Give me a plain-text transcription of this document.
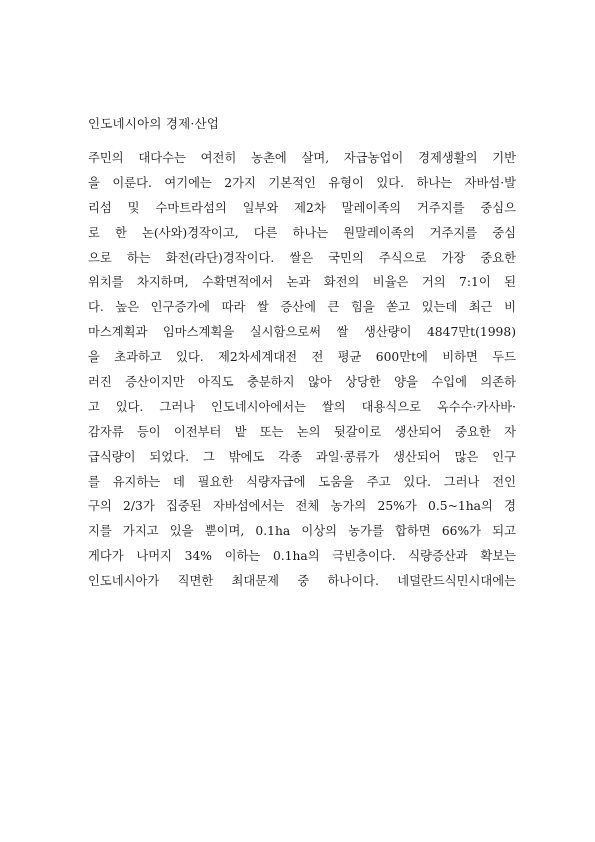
인도네시아의 경제·산업
주민의 대다수는 여전히 농촌에 살며, 자급농업이 경제생활의 기반
을 이룬다. 여기에는 2가지 기본적인 유형이 있다. 하나는 자바섬·발
리섬 및 수마트라섬의 일부와 제2차 말레이족의 거주지를 중심으
로 한 논(사와)경작이고, 다른 하나는 원말레이족의 거주지를 중심
으로 하는 화전(라단)경작이다. 쌀은 국민의 주식으로 가장 중요한
위치를 차지하며, 수확면적에서 논과 화전의 비율은 거의 7:1이 된
다. 높은 인구증가에 따라 쌀 증산에 큰 힘을 쏟고 있는데 최근 비
마스계획과 임마스계획을 실시함으로써 쌀 생산량이 4847만t(1998)
을 초과하고 있다. 제2차세계대전 전 평균 600만t에 비하면 두드
러진 증산이지만 아직도 충분하지 않아 상당한 양을 수입에 의존하
고 있다. 그러나 인도네시아에서는 쌀의 대용식으로 옥수수·카사바·
감자류 등이 이전부터 밭 또는 논의 뒷갈이로 생산되어 중요한 자
급식량이 되었다. 그 밖에도 각종 과일·콩류가 생산되어 많은 인구
를 유지하는 데 필요한 식량자급에 도움을 주고 있다. 그러나 전인
구의 2/3가 집중된 자바섬에서는 전체 농가의 25%가 0.5~1ha의 경
지를 가지고 있을 뿐이며, 0.1ha 이상의 농가를 합하면 66%가 되고
게다가 나머지 34% 이하는 0.1ha의 극빈층이다. 식량증산과 확보는
인도네시아가 직면한 최대문제 중 하나이다. 네덜란드식민시대에는
